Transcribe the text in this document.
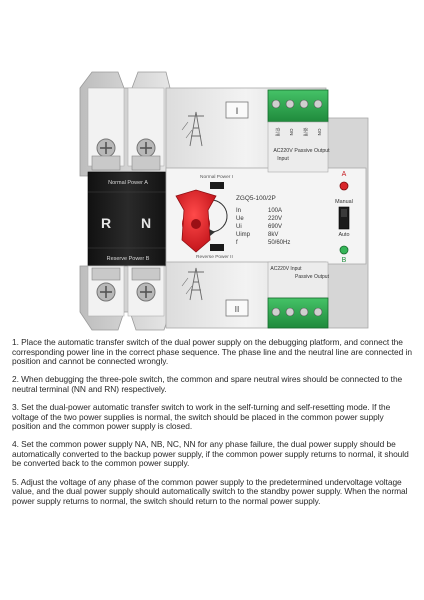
Normal Power A
R N
Reserve Power B
I
II
Normal Power I
Reverse Power II
ZGQ5-100/2P
In	100A
Ue	220V
Ui	690V
Uimp	8kV
f	50/60Hz
A
Manual
Auto
B
常用 ON 备用 ON
AC220V
Input
Passive Output
AC220V Input
Passive Output

1. Place the automatic transfer switch of the dual power supply on the debugging platform, and connect the corresponding power line in the correct phase sequence. The phase line and the neutral line are connected in position and cannot be connected wrongly.

2. When debugging the three-pole switch, the common and spare neutral wires should be connected to the neutral terminal (NN and RN) respectively.

3. Set the dual-power automatic transfer switch to work in the self-turning and self-resetting mode. If the voltage of the two power supplies is normal, the switch should be placed in the common power supply position and the common power supply is closed.

4. Set the common power supply NA, NB, NC, NN for any phase failure, the dual power supply should be automatically converted to the backup power supply, if the common power supply returns to normal, it should be converted back to the common power supply.

5. Adjust the voltage of any phase of the common power supply to the predetermined undervoltage voltage value, and the dual power supply should automatically switch to the standby power supply. When the normal power supply returns to normal, the switch should return to the normal power supply.
